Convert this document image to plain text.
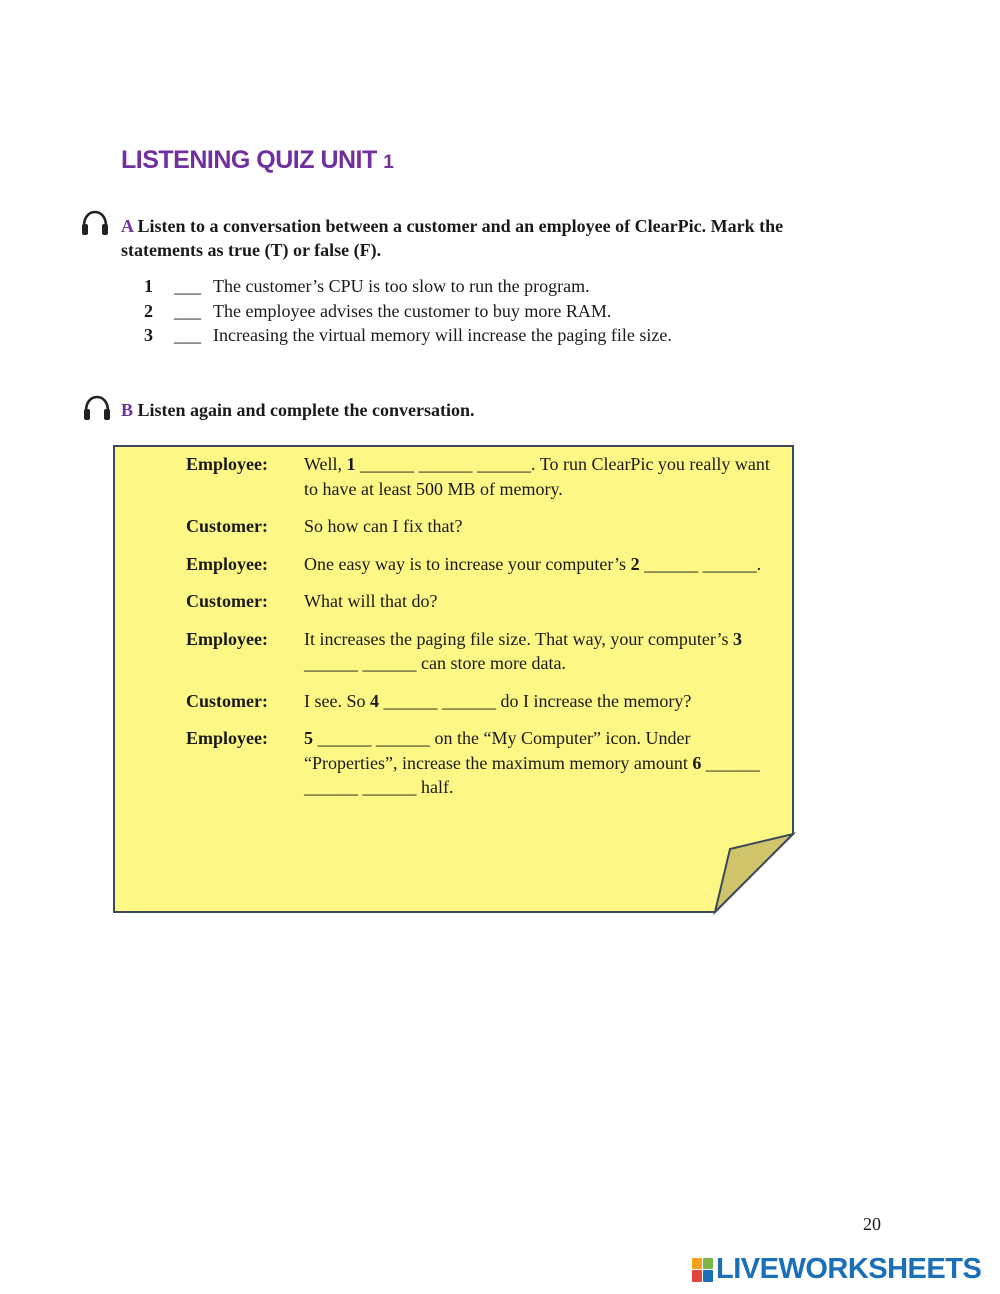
LISTENING QUIZ UNIT 1
A Listen to a conversation between a customer and an employee of ClearPic. Mark the statements as true (T) or false (F).
1	___ The customer’s CPU is too slow to run the program.
2	___ The employee advises the customer to buy more RAM.
3	___ Increasing the virtual memory will increase the paging file size.
B Listen again and complete the conversation.
Employee:	Well, 1 ______ ______ ______. To run ClearPic you really want to have at least 500 MB of memory.
Customer:	So how can I fix that?
Employee:	One easy way is to increase your computer’s 2 ______ ______.
Customer:	What will that do?
Employee:	It increases the paging file size. That way, your computer’s 3 ______ ______ can store more data.
Customer:	I see. So 4 ______ ______ do I increase the memory?
Employee:	5 ______ ______ on the “My Computer” icon. Under “Properties”, increase the maximum memory amount 6 ______ ______ ______ half.
20
LIVEWORKSHEETS
